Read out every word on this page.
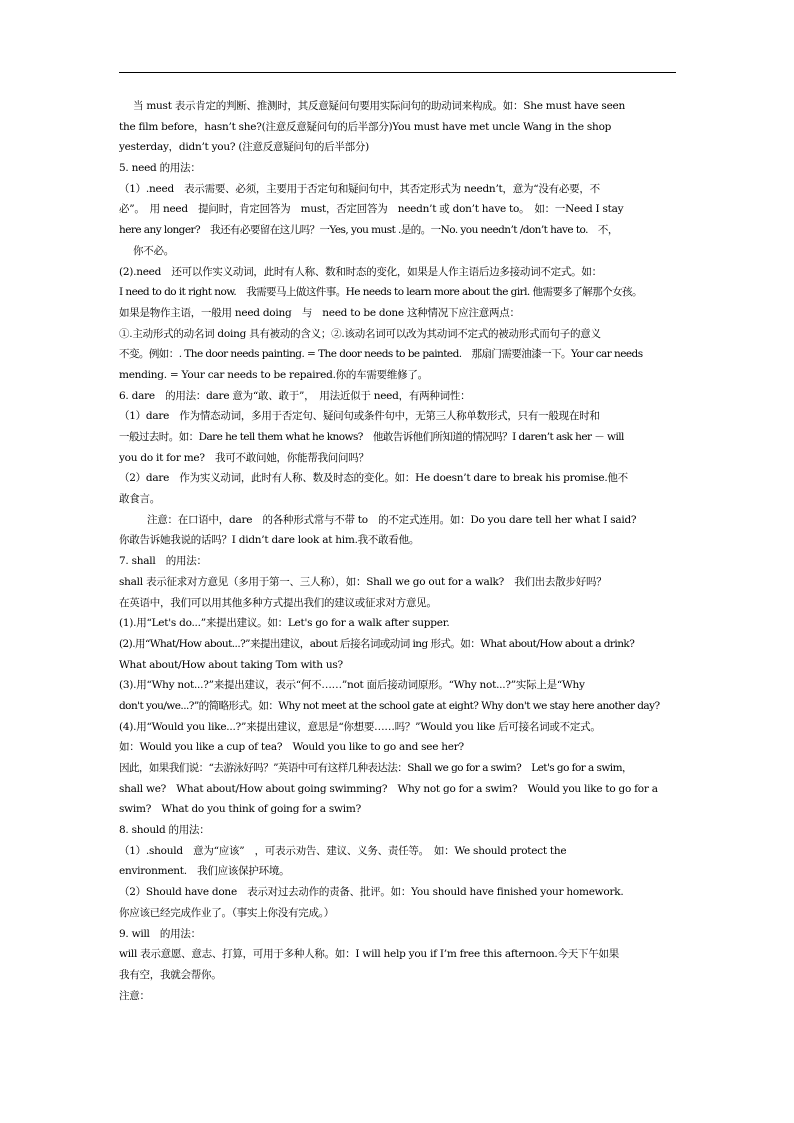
当 must 表示肯定的判断、推测时，其反意疑问句要用实际问句的助动词来构成。如：She must have seen
the film before，hasn’t she?(注意反意疑问句的后半部分)You must have met uncle Wang in the shop
yesterday，didn’t you? (注意反意疑问句的后半部分)
5. need 的用法：
（1）.need　表示需要、必须，主要用于否定句和疑问句中，其否定形式为 needn’t，意为“没有必要，不
必”。　用 need　提问时，肯定回答为　must，否定回答为　needn’t 或 don’t have to。　如：一Need I stay
here any longer?　我还有必要留在这儿吗？一Yes, you must .是的。一No. you needn’t /don’t have to.　不，
你不必。
(2).need　还可以作实义动词，此时有人称、数和时态的变化，如果是人作主语后边多接动词不定式。如：
I need to do it right now.　我需要马上做这件事。He needs to learn more about the girl. 他需要多了解那个女孩。
如果是物作主语，一般用 need doing　与　need to be done 这种情况下应注意两点：
①.主动形式的动名词 doing 具有被动的含义；②.该动名词可以改为其动词不定式的被动形式而句子的意义
不变。例如：. The door needs painting. = The door needs to be painted.　那扇门需要油漆一下。Your car needs
mending. = Your car needs to be repaired.你的车需要维修了。
6. dare　的用法：dare 意为“敢、敢于”，　用法近似于 need，有两种词性：
（1）dare　作为情态动词，多用于否定句、疑问句或条件句中，无第三人称单数形式，只有一般现在时和
一般过去时。如：Dare he tell them what he knows?　他敢告诉他们所知道的情况吗？I daren’t ask her － will
you do it for me?　我可不敢问她，你能帮我问问吗？
（2）dare　作为实义动词，此时有人称、数及时态的变化。如：He doesn’t dare to break his promise.他不
敢食言。
注意：在口语中，dare　的各种形式常与不带 to　的不定式连用。如：Do you dare tell her what I said?
你敢告诉她我说的话吗？I didn’t dare look at him.我不敢看他。
7. shall　的用法：
shall 表示征求对方意见（多用于第一、三人称），如：Shall we go out for a walk?　我们出去散步好吗？
在英语中，我们可以用其他多种方式提出我们的建议或征求对方意见。
(1).用“Let's do...”来提出建议。如：Let's go for a walk after supper.
(2).用“What/How about...?”来提出建议，about 后接名词或动词 ing 形式。如：What about/How about a drink?
What about/How about taking Tom with us?
(3).用“Why not...?”来提出建议，表示“何不……”not 面后接动词原形。“Why not...?”实际上是“Why
don't you/we...?”的简略形式。如：Why not meet at the school gate at eight? Why don't we stay here another day?
(4).用“Would you like...?”来提出建议，意思是“你想要……吗？”Would you like 后可接名词或不定式。
如：Would you like a cup of tea?　Would you like to go and see her?
因此，如果我们说：“去游泳好吗？”英语中可有这样几种表达法：Shall we go for a swim?　Let's go for a swim，
shall we?　What about/How about going swimming?　Why not go for a swim?　Would you like to go for a
swim?　What do you think of going for a swim?
8. should 的用法：
（1）.should　意为“应该”　，可表示劝告、建议、义务、责任等。　如：We should protect the
environment.　我们应该保护环境。
（2）Should have done　表示对过去动作的责备、批评。如：You should have finished your homework.
你应该已经完成作业了。（事实上你没有完成。）
9. will　的用法：
will 表示意愿、意志、打算，可用于多种人称。如：I will help you if I’m free this afternoon.今天下午如果
我有空，我就会帮你。
注意：
